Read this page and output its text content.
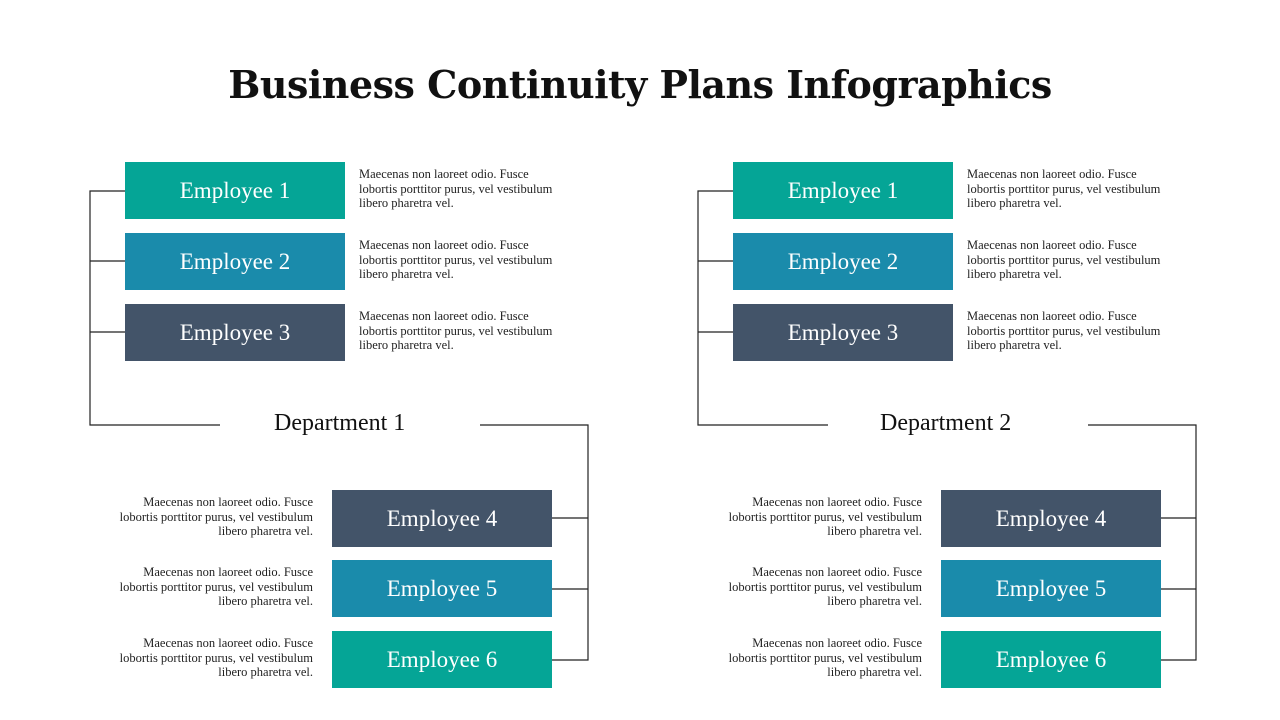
Business Continuity Plans Infographics
Department 1
Employee 1
Maecenas non laoreet odio. Fusce lobortis porttitor purus, vel vestibulum libero pharetra vel.
Employee 2
Maecenas non laoreet odio. Fusce lobortis porttitor purus, vel vestibulum libero pharetra vel.
Employee 3
Maecenas non laoreet odio. Fusce lobortis porttitor purus, vel vestibulum libero pharetra vel.
Employee 4
Maecenas non laoreet odio. Fusce lobortis porttitor purus, vel vestibulum libero pharetra vel.
Employee 5
Maecenas non laoreet odio. Fusce lobortis porttitor purus, vel vestibulum libero pharetra vel.
Employee 6
Maecenas non laoreet odio. Fusce lobortis porttitor purus, vel vestibulum libero pharetra vel.
Department 2
Employee 1
Maecenas non laoreet odio. Fusce lobortis porttitor purus, vel vestibulum libero pharetra vel.
Employee 2
Maecenas non laoreet odio. Fusce lobortis porttitor purus, vel vestibulum libero pharetra vel.
Employee 3
Maecenas non laoreet odio. Fusce lobortis porttitor purus, vel vestibulum libero pharetra vel.
Employee 4
Maecenas non laoreet odio. Fusce lobortis porttitor purus, vel vestibulum libero pharetra vel.
Employee 5
Maecenas non laoreet odio. Fusce lobortis porttitor purus, vel vestibulum libero pharetra vel.
Employee 6
Maecenas non laoreet odio. Fusce lobortis porttitor purus, vel vestibulum libero pharetra vel.
